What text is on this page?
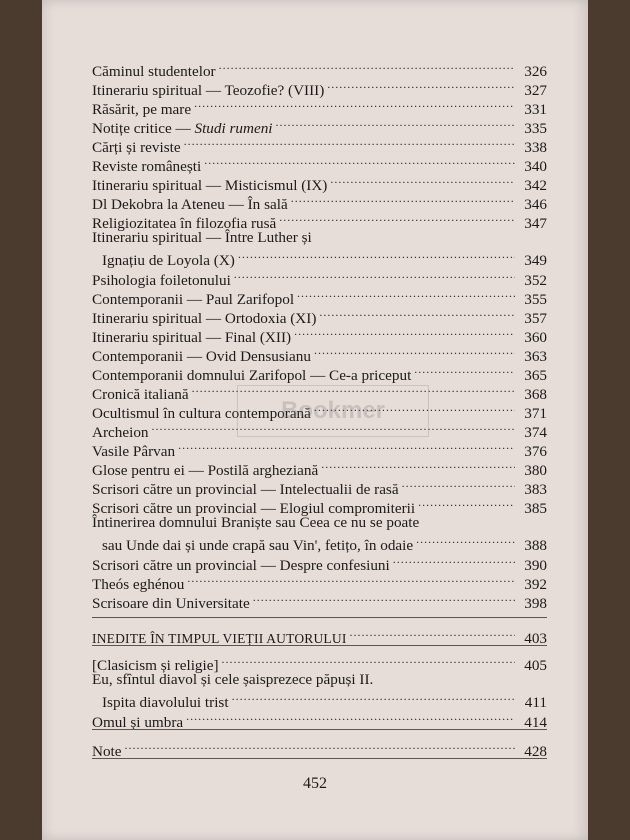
Căminul studentelor .....	326
Itinerariu spiritual — Teozofie? (VIII) .....	327
Răsărit, pe mare .....	331
Notițe critice — Studi rumeni .....	335
Cărți și reviste .....	338
Reviste românești .....	340
Itinerariu spiritual — Misticismul (IX) .....	342
Dl Dekobra la Ateneu — În sală .....	346
Religiozitatea în filozofia rusă .....	347
Itinerariu spiritual — Între Luther și
Ignațiu de Loyola (X) .....	349
Psihologia foiletonului .....	352
Contemporanii — Paul Zarifopol .....	355
Itinerariu spiritual — Ortodoxia (XI) .....	357
Itinerariu spiritual — Final (XII) .....	360
Contemporanii — Ovid Densusianu .....	363
Contemporanii domnului Zarifopol — Ce-a priceput .....	365
Cronică italiană .....	368
Ocultismul în cultura contemporană .....	371
Archeion .....	374
Vasile Pârvan .....	376
Glose pentru ei — Postilă argheziană .....	380
Scrisori către un provincial — Intelectualii de rasă .....	383
Scrisori către un provincial — Elogiul compromiterii .....	385
Întinerirea domnului Braniște sau Ceea ce nu se poate
sau Unde dai și unde crapă sau Vin', fetițo, în odaie .....	388
Scrisori către un provincial — Despre confesiuni .....	390
Theós eghénou .....	392
Scrisoare din Universitate .....	398
INEDITE ÎN TIMPUL VIEȚII AUTORULUI .....	403
[Clasicism și religie] .....	405
Eu, sfîntul diavol și cele șaisprezece păpuși II.
Ispita diavolului trist .....	411
Omul și umbra .....	414
Note .....	428
Bookmer
452
